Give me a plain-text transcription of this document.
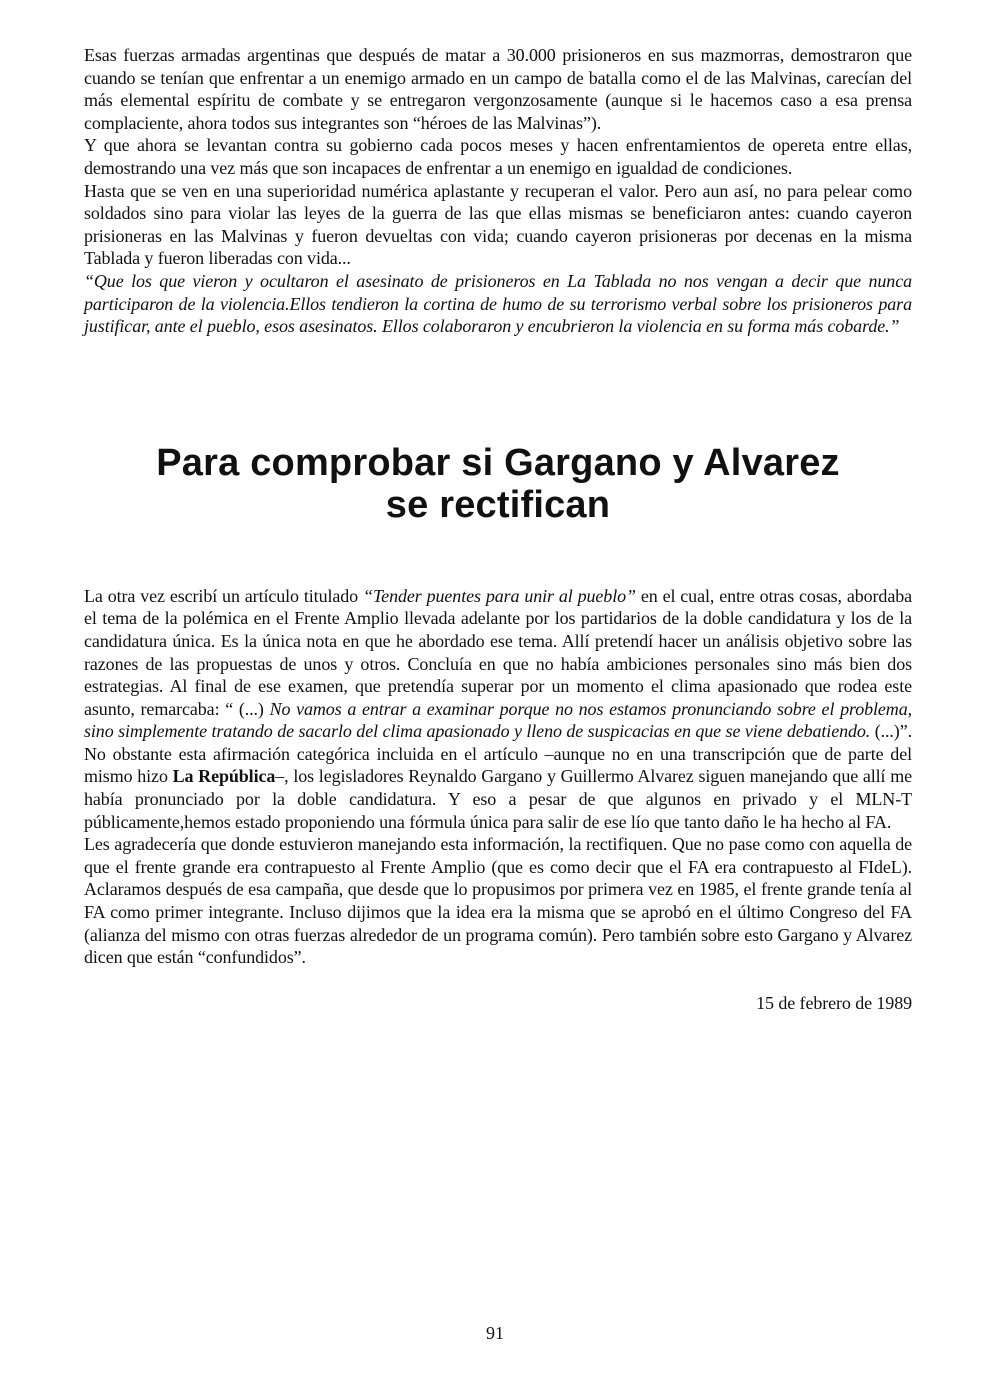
Esas fuerzas armadas argentinas que después de matar a 30.000 prisioneros en sus mazmorras, demostraron que cuando se tenían que enfrentar a un enemigo armado en un campo de batalla como el de las Malvinas, carecían del más elemental espíritu de combate y se entregaron vergonzosamente (aunque si le hacemos caso a esa prensa complaciente, ahora todos sus integrantes son “héroes de las Malvinas”).

Y que ahora se levantan contra su gobierno cada pocos meses y hacen enfrentamientos de opereta entre ellas, demostrando una vez más que son incapaces de enfrentar a un enemigo en igualdad de condiciones.

Hasta que se ven en una superioridad numérica aplastante y recuperan el valor. Pero aun así, no para pelear como soldados sino para violar las leyes de la guerra de las que ellas mismas se beneficiaron antes: cuando cayeron prisioneras en las Malvinas y fueron devueltas con vida; cuando cayeron prisioneras por decenas en la misma Tablada y fueron liberadas con vida...

“Que los que vieron y ocultaron el asesinato de prisioneros en La Tablada no nos vengan a decir que nunca participaron de la violencia.Ellos tendieron la cortina de humo de su terrorismo verbal sobre los prisioneros para justificar, ante el pueblo, esos asesinatos. Ellos colaboraron y encubrieron la violencia en su forma más cobarde.”

Para comprobar si Gargano y Alvarez
se rectifican

La otra vez escribí un artículo titulado “Tender puentes para unir al pueblo” en el cual, entre otras cosas, abordaba el tema de la polémica en el Frente Amplio llevada adelante por los partidarios de la doble candidatura y los de la candidatura única. Es la única nota en que he abordado ese tema. Allí pretendí hacer un análisis objetivo sobre las razones de las propuestas de unos y otros. Concluía en que no había ambiciones personales sino más bien dos estrategias. Al final de ese examen, que pretendía superar por un momento el clima apasionado que rodea este asunto, remarcaba: “ (...) No vamos a entrar a examinar porque no nos estamos pronunciando sobre el problema, sino simplemente tratando de sacarlo del clima apasionado y lleno de suspicacias en que se viene debatiendo. (...)”. No obstante esta afirmación categórica incluida en el artículo –aunque no en una transcripción que de parte del mismo hizo La República–, los legisladores Reynaldo Gargano y Guillermo Alvarez siguen manejando que allí me había pronunciado por la doble candidatura. Y eso a pesar de que algunos en privado y el MLN-T públicamente,hemos estado proponiendo una fórmula única para salir de ese lío que tanto daño le ha hecho al FA.

Les agradecería que donde estuvieron manejando esta información, la rectifiquen. Que no pase como con aquella de que el frente grande era contrapuesto al Frente Amplio (que es como decir que el FA era contrapuesto al FIdeL). Aclaramos después de esa campaña, que desde que lo propusimos por primera vez en 1985, el frente grande tenía al FA como primer integrante. Incluso dijimos que la idea era la misma que se aprobó en el último Congreso del FA (alianza del mismo con otras fuerzas alrededor de un programa común). Pero también sobre esto Gargano y Alvarez dicen que están “confundidos”.

15 de febrero de 1989

91
